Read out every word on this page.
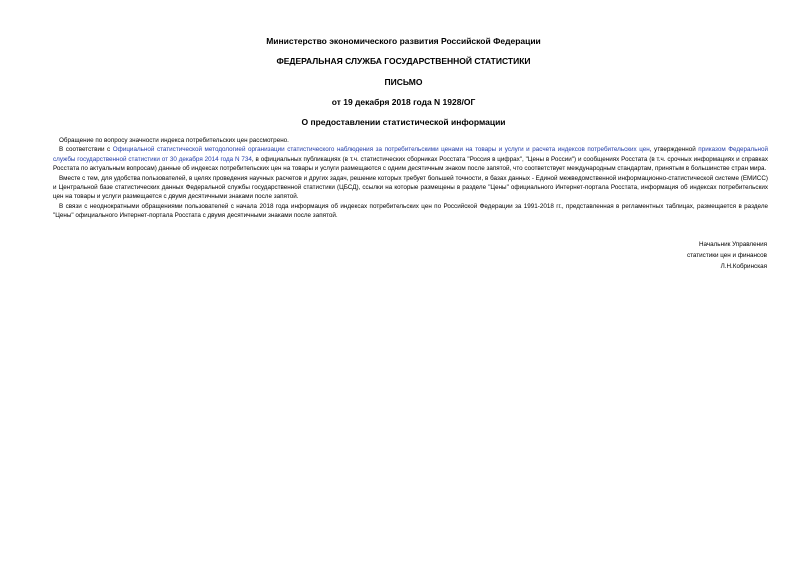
Министерство экономического развития Российской Федерации
ФЕДЕРАЛЬНАЯ СЛУЖБА ГОСУДАРСТВЕННОЙ СТАТИСТИКИ
ПИСЬМО
от 19 декабря 2018 года N 1928/ОГ
О предоставлении статистической информации

Обращение по вопросу значности индекса потребительских цен рассмотрено.

В соответствии с Официальной статистической методологией организации статистического наблюдения за потребительскими ценами на товары и услуги и расчета индексов потребительских цен, утвержденной приказом Федеральной службы государственной статистики от 30 декабря 2014 года N 734, в официальных публикациях (в т.ч. статистических сборниках Росстата "Россия в цифрах", "Цены в России") и сообщениях Росстата (в т.ч. срочных информациях и справках Росстата по актуальным вопросам) данные об индексах потребительских цен на товары и услуги размещаются с одним десятичным знаком после запятой, что соответствует международным стандартам, принятым в большинстве стран мира.

Вместе с тем, для удобства пользователей, в целях проведения научных расчетов и других задач, решение которых требует большей точности, в базах данных - Единой межведомственной информационно-статистической системе (ЕМИСС) и Центральной базе статистических данных Федеральной службы государственной статистики (ЦБСД), ссылки на которые размещены в разделе "Цены" официального Интернет-портала Росстата, информация об индексах потребительских цен на товары и услуги размещается с двумя десятичными знаками после запятой.

В связи с неоднократными обращениями пользователей с начала 2018 года информация об индексах потребительских цен по Российской Федерации за 1991-2018 гг., представленная в регламентных таблицах, размещается в разделе "Цены" официального Интернет-портала Росстата с двумя десятичными знаками после запятой.

Начальник Управления
статистики цен и финансов
Л.Н.Кобринская
